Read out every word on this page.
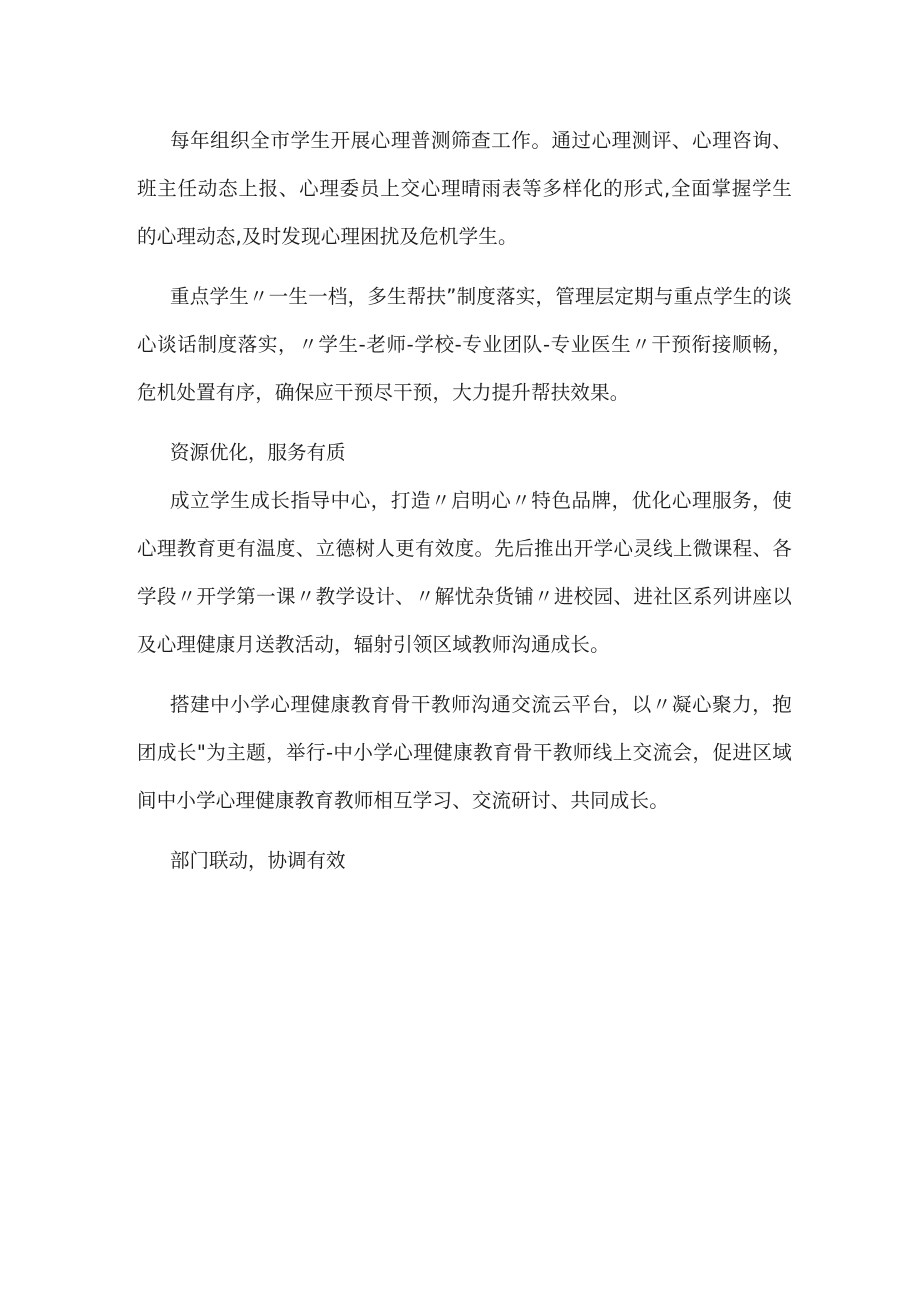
每年组织全市学生开展心理普测筛查工作。通过心理测评、心理咨询、班主任动态上报、心理委员上交心理晴雨表等多样化的形式,全面掌握学生的心理动态,及时发现心理困扰及危机学生。

重点学生〃一生一档，多生帮扶”制度落实，管理层定期与重点学生的谈心谈话制度落实，〃学生-老师-学校-专业团队-专业医生〃干预衔接顺畅，危机处置有序，确保应干预尽干预，大力提升帮扶效果。

资源优化，服务有质

成立学生成长指导中心，打造〃启明心〃特色品牌，优化心理服务，使心理教育更有温度、立德树人更有效度。先后推出开学心灵线上微课程、各学段〃开学第一课〃教学设计、〃解忧杂货铺〃进校园、进社区系列讲座以及心理健康月送教活动，辐射引领区域教师沟通成长。

搭建中小学心理健康教育骨干教师沟通交流云平台，以〃凝心聚力，抱团成长"为主题，举行-中小学心理健康教育骨干教师线上交流会，促进区域间中小学心理健康教育教师相互学习、交流研讨、共同成长。

部门联动，协调有效
